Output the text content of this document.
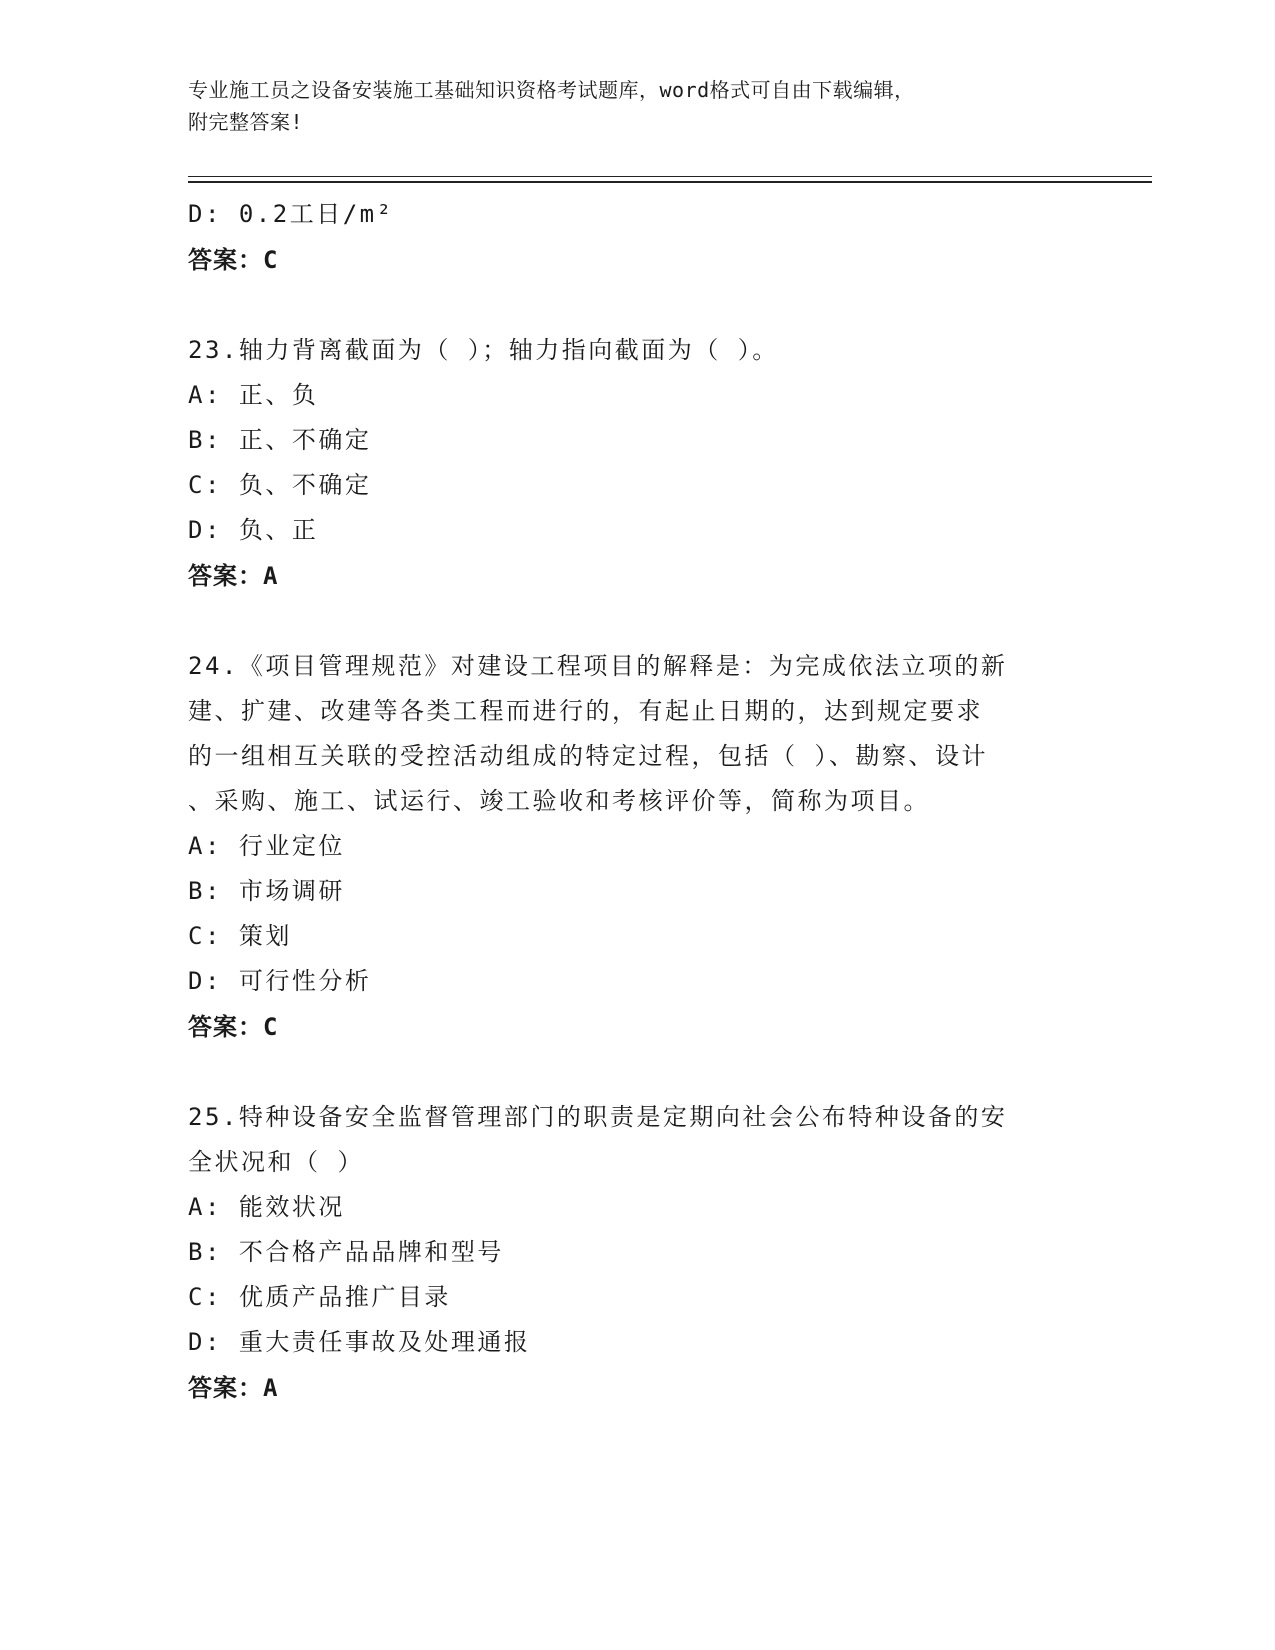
专业施工员之设备安装施工基础知识资格考试题库，word格式可自由下载编辑，
附完整答案!
D: 0.2工日/m²
答案：C
23.轴力背离截面为（ ）；轴力指向截面为（ ）。
A: 正、负
B: 正、不确定
C: 负、不确定
D: 负、正
答案：A
24.《项目管理规范》对建设工程项目的解释是：为完成依法立项的新
建、扩建、改建等各类工程而进行的，有起止日期的，达到规定要求
的一组相互关联的受控活动组成的特定过程，包括（ ）、勘察、设计
、采购、施工、试运行、竣工验收和考核评价等，简称为项目。
A: 行业定位
B: 市场调研
C: 策划
D: 可行性分析
答案：C
25.特种设备安全监督管理部门的职责是定期向社会公布特种设备的安
全状况和（ ）
A: 能效状况
B: 不合格产品品牌和型号
C: 优质产品推广目录
D: 重大责任事故及处理通报
答案：A
